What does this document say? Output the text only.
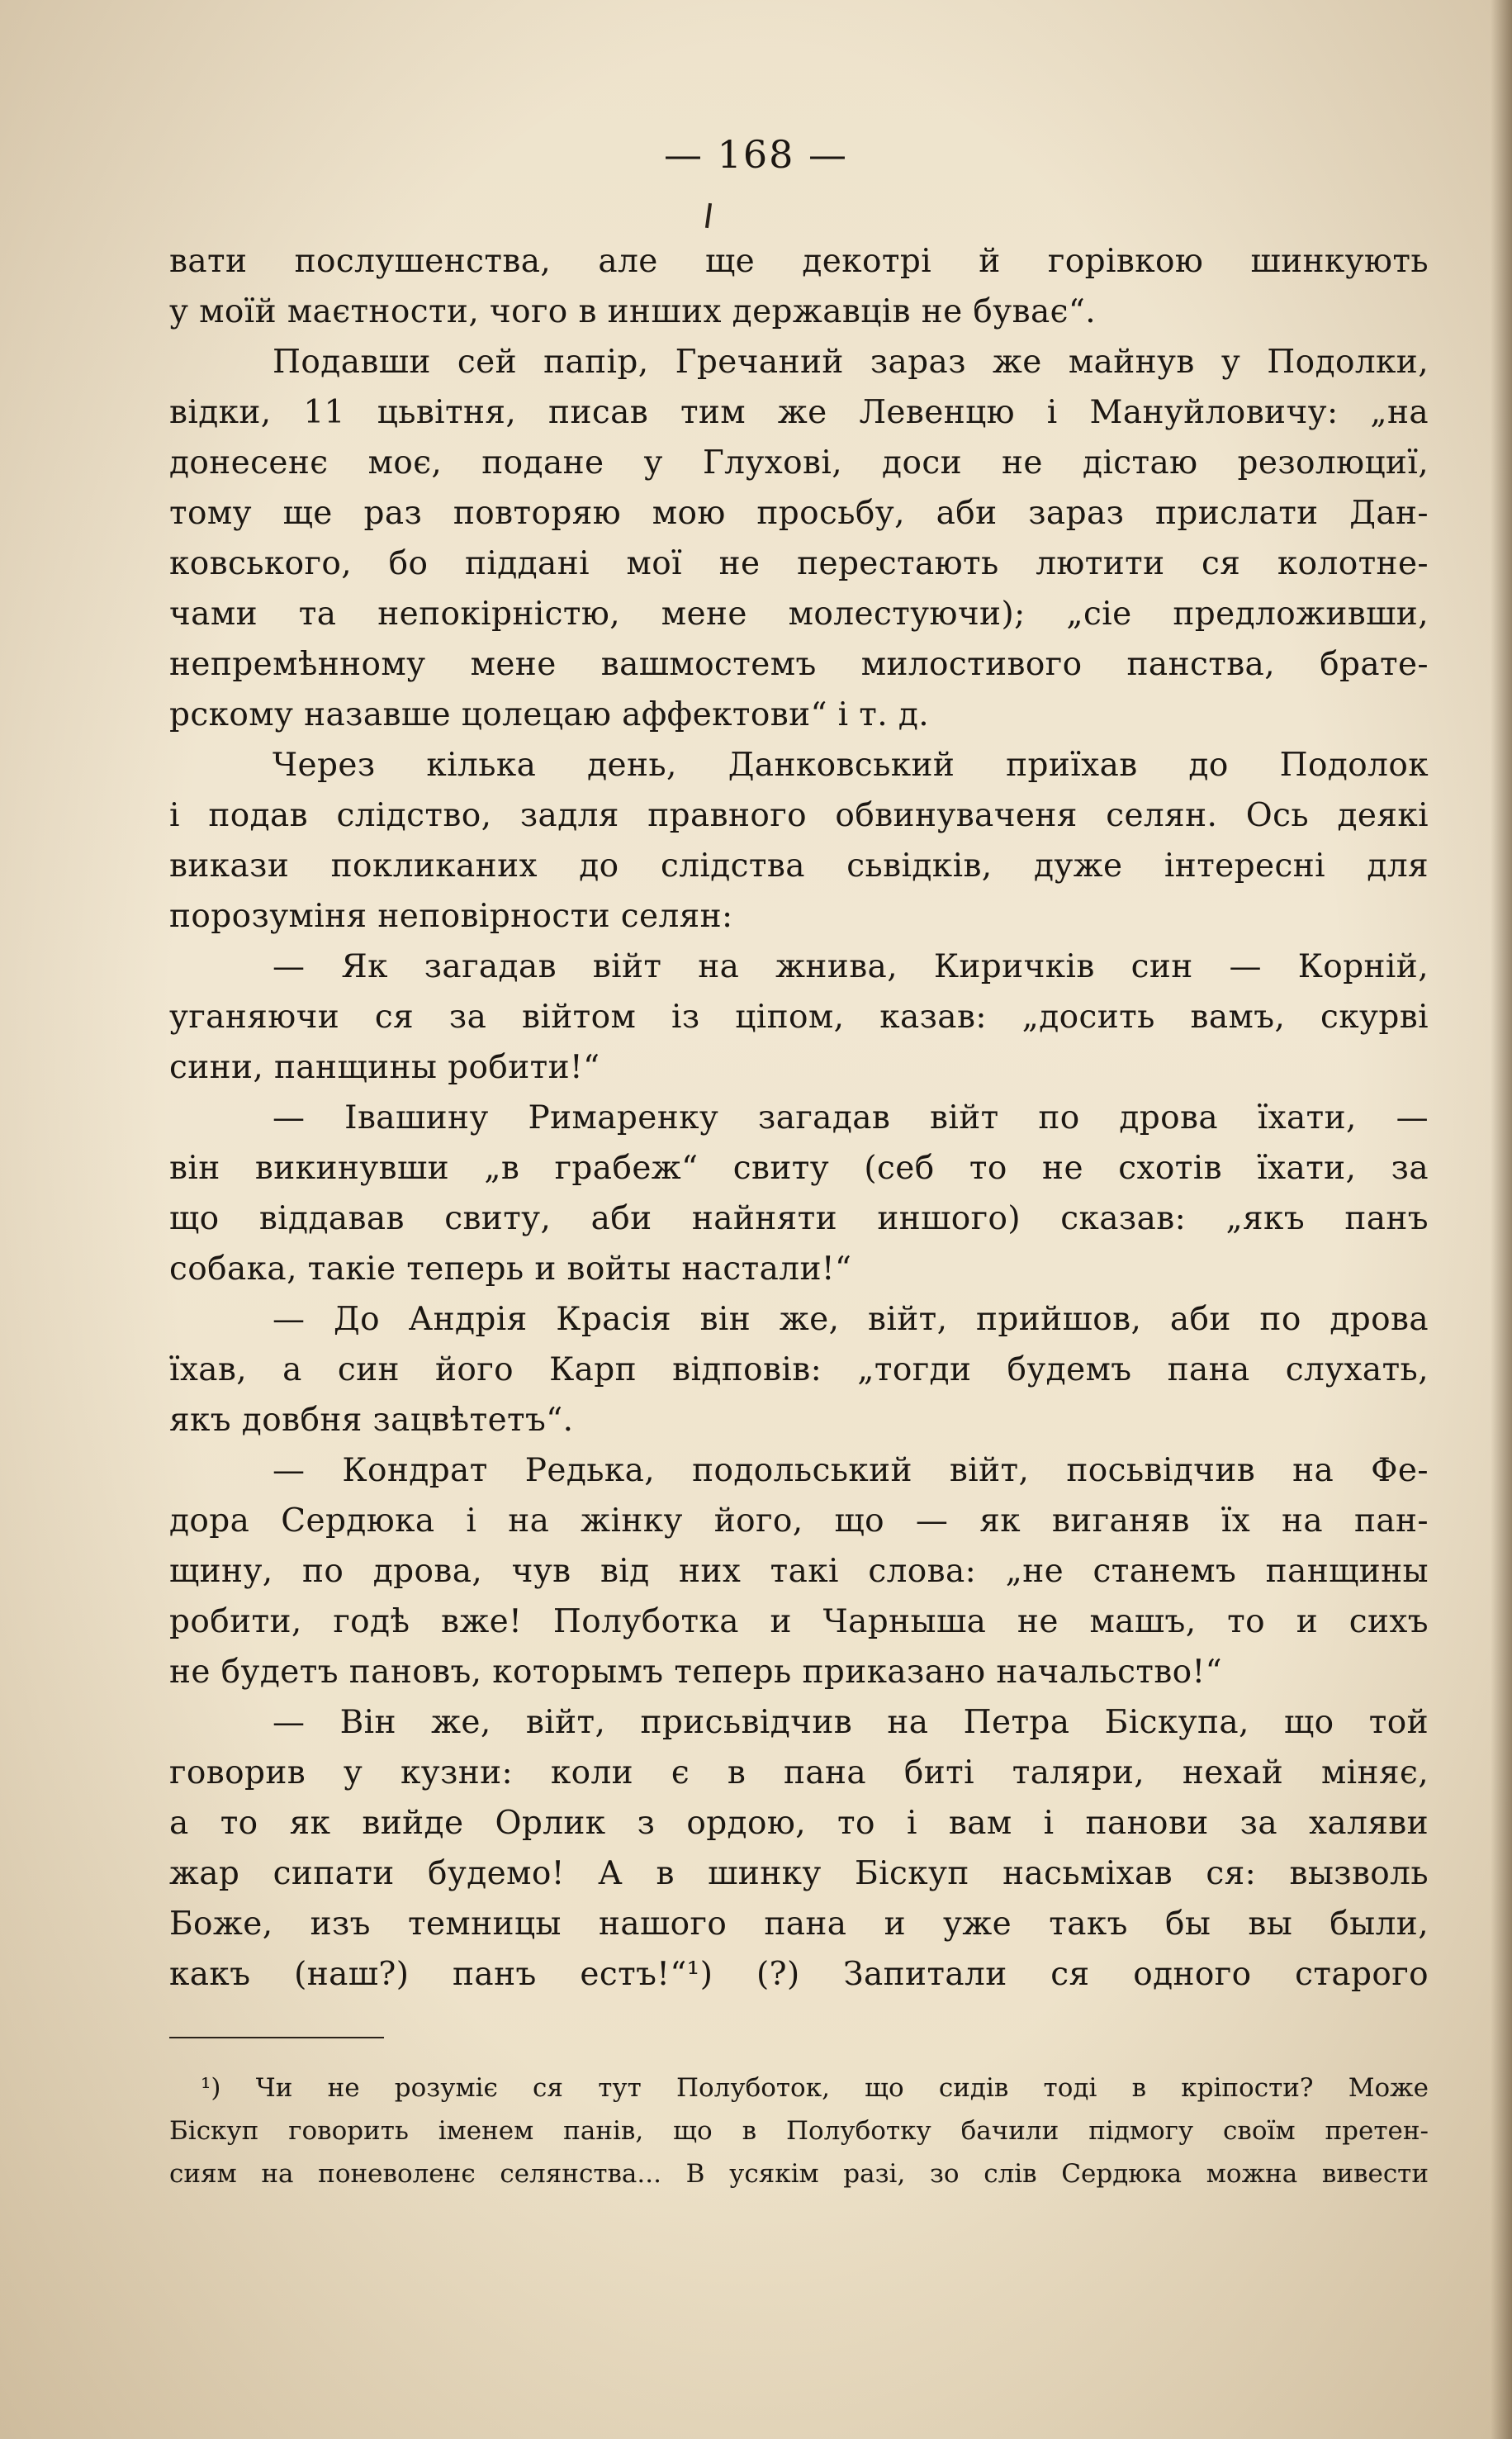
— 168 —
вати послушенства, але ще декотрі й горівкою шинкують
у моїй маєтности, чого в инших державців не буває“.
Подавши сей папір, Гречаний зараз же майнув у Подолки,
відки, 11 цьвітня, писав тим же Левенцю і Мануйловичу: „на
донесенє моє, подане у Глухові, доси не дістаю резолюциї,
тому ще раз повторяю мою просьбу, аби зараз прислати Дан-
ковського, бо піддані мої не перестають лютити ся колотне-
чами та непокірністю, мене молестуючи); „сіе предложивши,
непремѣнному мене вашмостемъ милостивого панства, брате-
рскому назавше цолецаю аффектови“ і т. д.
Через кілька день, Данковський приїхав до Подолок
і подав слідство, задля правного обвинуваченя селян. Ось деякі
викази покликаних до слідства сьвідків, дуже інтересні для
порозуміня неповірности селян:
— Як загадав війт на жнива, Киричків син — Корній,
уганяючи ся за війтом із ціпом, казав: „досить вамъ, скурві
сини, панщины робити!“
— Івашину Римаренку загадав війт по дрова їхати, —
він викинувши „в грабеж“ свиту (себ то не схотів їхати, за
що віддавав свиту, аби найняти иншого) сказав: „якъ панъ
собака, такіе теперь и войты настали!“
— До Андрія Красія він же, війт, прийшов, аби по дрова
їхав, а син його Карп відповів: „тогди будемъ пана слухать,
якъ довбня зацвѣтетъ“.
— Кондрат Редька, подольський війт, посьвідчив на Фе-
дора Сердюка і на жінку його, що — як виганяв їх на пан-
щину, по дрова, чув від них такі слова: „не станемъ панщины
робити, годѣ вже! Полуботка и Чарныша не машъ, то и сихъ
не будетъ пановъ, которымъ теперь приказано начальство!“
— Він же, війт, присьвідчив на Петра Біскупа, що той
говорив у кузни: коли є в пана биті таляри, нехай міняє,
а то як вийде Орлик з ордою, то і вам і панови за халяви
жар сипати будемо! А в шинку Біскуп насьміхав ся: вызволь
Боже, изъ темницы нашого пана и уже такъ бы вы были,
какъ (наш?) панъ естъ!“¹) (?) Запитали ся одного старого
¹) Чи не розуміє ся тут Полуботок, що сидів тоді в кріпости? Може
Біскуп говорить іменем панів, що в Полуботку бачили підмогу своїм претен-
сиям на поневоленє селянства... В усякім разі, зо слів Сердюка можна вивести
